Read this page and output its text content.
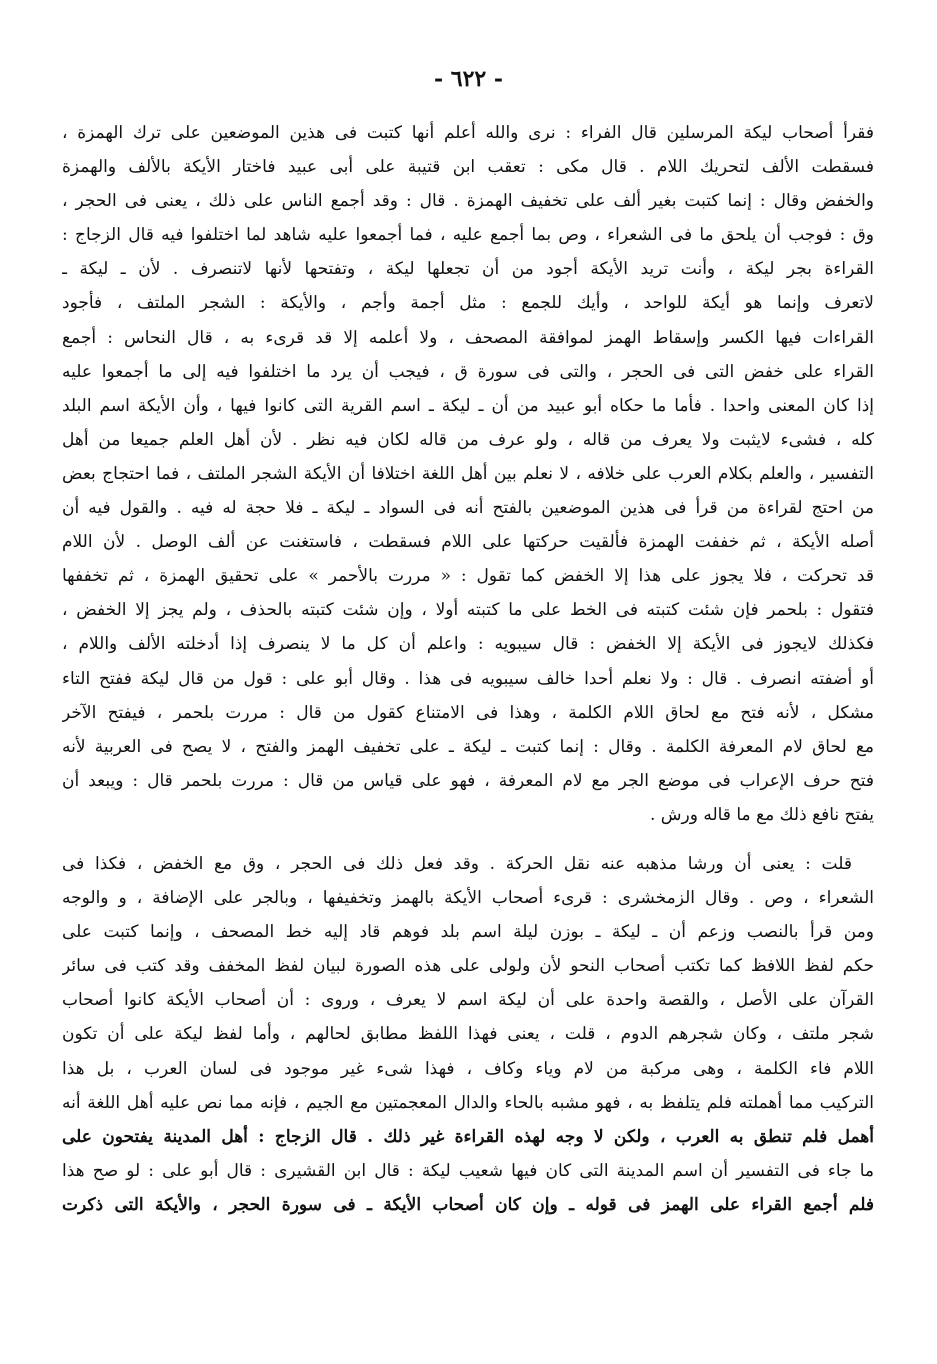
- ٦٢٢ -
فقرأ أصحاب ليكة المرسلين قال الفراء : نرى والله أعلم أنها كتبت فى هذين الموضعين على ترك الهمزة ،
فسقطت الألف لتحريك اللام . قال مكى : تعقب ابن قتيبة على أبى عبيد فاختار الأيكة بالألف والهمزة
والخفض وقال : إنما كتبت بغير ألف على تخفيف الهمزة . قال : وقد أجمع الناس على ذلك ، يعنى فى الحجر ،
وق : فوجب أن يلحق ما فى الشعراء ، وص بما أجمع عليه ، فما أجمعوا عليه شاهد لما اختلفوا فيه قال الزجاج :
القراءة بجر ليكة ، وأنت تريد الأيكة أجود من أن تجعلها ليكة ، وتفتحها لأنها لاتنصرف . لأن ـ ليكة ـ
لاتعرف وإنما هو أيكة للواحد ، وأيك للجمع : مثل أجمة وأجم ، والأيكة : الشجر الملتف ، فأجود
القراءات فيها الكسر وإسقاط الهمز لموافقة المصحف ، ولا أعلمه إلا قد قرىء به ، قال النحاس : أجمع
القراء على خفض التى فى الحجر ، والتى فى سورة ق ، فيجب أن يرد ما اختلفوا فيه إلى ما أجمعوا عليه
إذا كان المعنى واحدا . فأما ما حكاه أبو عبيد من أن ـ ليكة ـ اسم القرية التى كانوا فيها ، وأن الأيكة اسم البلد
كله ، فشىء لايثبت ولا يعرف من قاله ، ولو عرف من قاله لكان فيه نظر . لأن أهل العلم جميعا من أهل
التفسير ، والعلم بكلام العرب على خلافه ، لا نعلم بين أهل اللغة اختلافا أن الأيكة الشجر الملتف ، فما احتجاج بعض
من احتج لقراءة من قرأ فى هذين الموضعين بالفتح أنه فى السواد ـ ليكة ـ فلا حجة له فيه . والقول فيه أن
أصله الأيكة ، ثم خففت الهمزة فألقيت حركتها على اللام فسقطت ، فاستغنت عن ألف الوصل . لأن اللام
قد تحركت ، فلا يجوز على هذا إلا الخفض كما تقول : « مررت بالأحمر » على تحقيق الهمزة ، ثم تخففها
فتقول : بلحمر فإن شئت كتبته فى الخط على ما كتبته أولا ، وإن شئت كتبته بالحذف ، ولم يجز إلا الخفض ،
فكذلك لايجوز فى الأيكة إلا الخفض : قال سيبويه : واعلم أن كل ما لا ينصرف إذا أدخلته الألف واللام ،
أو أضفته انصرف . قال : ولا نعلم أحدا خالف سيبويه فى هذا . وقال أبو على : قول من قال ليكة ففتح التاء
مشكل ، لأنه فتح مع لحاق اللام الكلمة ، وهذا فى الامتناع كقول من قال : مررت بلحمر ، فيفتح الآخر
مع لحاق لام المعرفة الكلمة . وقال : إنما كتبت ـ ليكة ـ على تخفيف الهمز والفتح ، لا يصح فى العربية لأنه
فتح حرف الإعراب فى موضع الجر مع لام المعرفة ، فهو على قياس من قال : مررت بلحمر قال : ويبعد أن
يفتح نافع ذلك مع ما قاله ورش .
قلت : يعنى أن ورشا مذهبه عنه نقل الحركة . وقد فعل ذلك فى الحجر ، وق مع الخفض ، فكذا فى
الشعراء ، وص . وقال الزمخشرى : قرىء أصحاب الأيكة بالهمز وتخفيفها ، وبالجر على الإضافة ، و والوجه
ومن قرأ بالنصب وزعم أن ـ ليكة ـ بوزن ليلة اسم بلد فوهم قاد إليه خط المصحف ، وإنما كتبت على
حكم لفظ اللافظ كما تكتب أصحاب النحو لأن ولولى على هذه الصورة لبيان لفظ المخفف وقد كتب فى سائر
القرآن على الأصل ، والقصة واحدة على أن ليكة اسم لا يعرف ، وروى : أن أصحاب الأيكة كانوا أصحاب
شجر ملتف ، وكان شجرهم الدوم ، قلت ، يعنى فهذا اللفظ مطابق لحالهم ، وأما لفظ ليكة على أن تكون
اللام فاء الكلمة ، وهى مركبة من لام وياء وكاف ، فهذا شىء غير موجود فى لسان العرب ، بل هذا
التركيب مما أهملته فلم يتلفظ به ، فهو مشبه بالحاء والدال المعجمتين مع الجيم ، فإنه مما نص عليه أهل اللغة أنه
أهمل فلم تنطق به العرب ، ولكن لا وجه لهذه القراءة غير ذلك . قال الزجاج : أهل المدينة يفتحون على
ما جاء فى التفسير أن اسم المدينة التى كان فيها شعيب ليكة : قال ابن القشيرى : قال أبو على : لو صح هذا
فلم أجمع القراء على الهمز فى قوله ـ وإن كان أصحاب الأيكة ـ فى سورة الحجر ، والأيكة التى ذكرت
